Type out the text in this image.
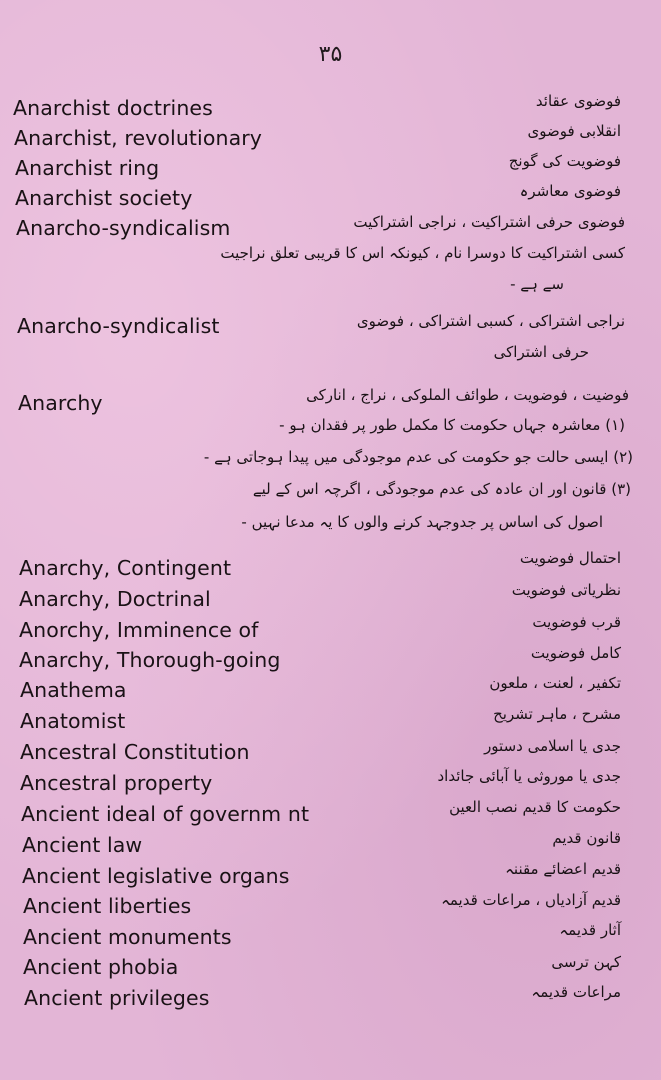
۳۵
Anarchist doctrines	فوضوی عقائد
Anarchist, revolutionary	انقلابی فوضوی
Anarchist ring	فوضویت کی گونج
Anarchist society	فوضوی معاشرہ
Anarcho-syndicalism	فوضوی حرفی اشتراکیت ، نراجی اشتراکیت
کسی اشتراکیت کا دوسرا نام ، کیونکہ اس کا قریبی تعلق نراجیت
سے ہے -
Anarcho-syndicalist	نراجی اشتراکی ، کسبی اشتراکی ، فوضوی
حرفی اشتراکی
Anarchy	فوضیت ، فوضویت ، طوائف الملوکی ، نراج ، انارکی
(۱) معاشرہ جہاں حکومت کا مکمل طور پر فقدان ہو -
(۲) ایسی حالت جو حکومت کی عدم موجودگی میں پیدا ہوجاتی ہے -
(۳) قانون اور ان عادہ کی عدم موجودگی ، اگرچہ اس کے لیے
اصول کی اساس پر جدوجہد کرنے والوں کا یہ مدعا نہیں -
Anarchy, Contingent	احتمال فوضویت
Anarchy, Doctrinal	نظریاتی فوضویت
Anorchy, Imminence of	قرب فوضویت
Anarchy, Thorough-going	کامل فوضویت
Anathema	تکفیر ، لعنت ، ملعون
Anatomist	مشرح ، ماہر تشریح
Ancestral Constitution	جدی یا اسلامی دستور
Ancestral property	جدی یا موروثی یا آبائی جائداد
Ancient ideal of governm nt	حکومت کا قدیم نصب العین
Ancient law	قانون قدیم
Ancient legislative organs	قدیم اعضائے مقننہ
Ancient liberties	قدیم آزادیاں ، مراعات قدیمہ
Ancient monuments	آثار قدیمہ
Ancient phobia	کہن ترسی
Ancient privileges	مراعات قدیمہ
